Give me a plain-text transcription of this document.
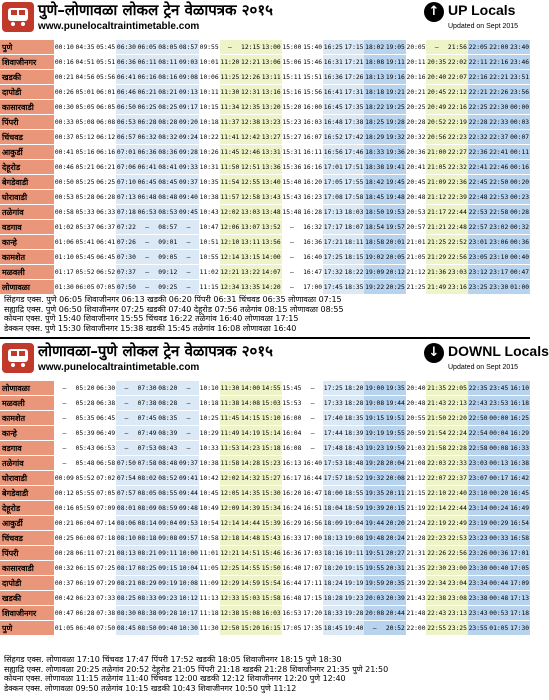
पुणे–लोणावळा लोकल ट्रेन वेळापत्रक २०१५
www.punelocaltraintimetable.com
↑ UP Locals
Updated on Sept 2015
पुणे	00:10	04:35	05:45	06:30	06:05	08:05	08:57	09:55	—	12:15	13:00	15:00	15:40	16:25	17:15	18:02	19:05	20:05	—	21:56	22:05	22:00	23:40
शिवाजीनगर	00:16	04:51	05:51	06:36	06:11	08:11	09:03	10:01	11:20	12:21	13:06	15:06	15:46	16:31	17:21	18:08	19:11	20:11	20:35	22:02	22:11	22:16	23:46
खडकी	00:21	04:56	05:56	06:41	06:16	08:16	09:08	10:06	11:25	12:26	13:11	15:11	15:51	16:36	17:26	18:13	19:16	20:16	20:40	22:07	22:16	22:21	23:51
दापोडी	00:26	05:01	06:01	06:46	06:21	08:21	09:13	10:11	11:30	12:31	13:16	15:16	15:56	16:41	17:31	18:18	19:21	20:21	20:45	22:12	22:21	22:26	23:56
कासारवाडी	00:30	05:05	06:05	06:50	06:25	08:25	09:17	10:15	11:34	12:35	13:20	15:20	16:00	16:45	17:35	18:22	19:25	20:25	20:49	22:16	22:25	22:30	00:00
पिंपरी	00:33	05:08	06:08	06:53	06:28	08:28	09:20	10:18	11:37	12:38	13:23	15:23	16:03	16:48	17:38	18:25	19:28	20:28	20:52	22:19	22:28	22:33	00:03
चिंचवड	00:37	05:12	06:12	06:57	06:32	08:32	09:24	10:22	11:41	12:42	13:27	15:27	16:07	16:52	17:42	18:29	19:32	20:32	20:56	22:23	22:32	22:37	00:07
आकुर्डी	00:41	05:16	06:16	07:01	06:36	08:36	09:28	10:26	11:45	12:46	13:31	15:31	16:11	16:56	17:46	18:33	19:36	20:36	21:00	22:27	22:36	22:41	00:11
देहूरोड	00:46	05:21	06:21	07:06	06:41	08:41	09:33	10:31	11:50	12:51	13:36	15:36	16:16	17:01	17:51	18:38	19:41	20:41	21:05	22:32	22:41	22:46	00:16
बेगडेवाडी	00:50	05:25	06:25	07:10	06:45	08:45	09:37	10:35	11:54	12:55	13:40	15:40	16:20	17:05	17:55	18:42	19:45	20:45	21:09	22:36	22:45	22:50	00:20
घोरावाडी	00:53	05:28	06:28	07:13	06:48	08:48	09:40	10:38	11:57	12:58	13:43	15:43	16:23	17:08	17:58	18:45	19:48	20:48	21:12	22:39	22:48	22:53	00:23
तळेगांव	00:58	05:33	06:33	07:18	06:53	08:53	09:45	10:43	12:02	13:03	13:48	15:48	16:28	17:13	18:03	18:50	19:53	20:53	21:17	22:44	22:53	22:58	00:28
वडगाव	01:02	05:37	06:37	07:22	—	08:57	—	10:47	12:06	13:07	13:52	—	16:32	17:17	18:07	18:54	19:57	20:57	21:21	22:48	22:57	23:02	00:32
कान्हे	01:06	05:41	06:41	07:26	—	09:01	—	10:51	12:10	13:11	13:56	—	16:36	17:21	18:11	18:58	20:01	21:01	21:25	22:52	23:01	23:06	00:36
कामशेत	01:10	05:45	06:45	07:30	—	09:05	—	10:55	12:14	13:15	14:00	—	16:40	17:25	18:15	19:02	20:05	21:05	21:29	22:56	23:05	23:10	00:40
मळवली	01:17	05:52	06:52	07:37	—	09:12	—	11:02	12:21	13:22	14:07	—	16:47	17:32	18:22	19:09	20:12	21:12	21:36	23:03	23:12	23:17	00:47
लोणावळा	01:30	06:05	07:05	07:50	—	09:25	—	11:15	12:34	13:35	14:20	—	17:00	17:45	18:35	19:22	20:25	21:25	21:49	23:16	23:25	23:30	01:00
सिंहगड एक्स. पुणे 06:05 शिवाजीनगर 06:13 खडकी 06:20 पिंपरी 06:31 चिंचवड 06:35 लोणावळा 07:15
सह्याद्रि एक्स. पुणे 06:50 शिवाजीनगर 07:25 खडकी 07:40 देहूरोड 07:56 तळेगांव 08:15 लोणावळा 08:55
कोयना एक्स. पुणे 15:40 शिवाजीनगर 15:55 चिंचवड 16:22 तळेगांव 16:40 लोणावळा 17:15
डेक्कन एक्स. पुणे 15:30 शिवाजीनगर 15:38 खडकी 15:45 तळेगांव 16:08 लोणावळा 16:40
लोणावळा–पुणे लोकल ट्रेन वेळापत्रक २०१५
www.punelocaltraintimetable.com
↓ DOWNL Locals
Updated on Sept 2015
लोणावळा	—	05:20	06:30	—	07:30	08:20	—	10:10	11:30	14:00	14:55	15:45	—	17:25	18:20	19:00	19:35	20:40	21:35	22:05	22:35	23:45	16:10
मळवली	—	05:28	06:38	—	07:38	08:28	—	10:18	11:38	14:08	15:03	15:53	—	17:33	18:28	19:08	19:44	20:48	21:43	22:13	22:43	23:53	16:18
कामशेत	—	05:35	06:45	—	07:45	08:35	—	10:25	11:45	14:15	15:10	16:00	—	17:40	18:35	19:15	19:51	20:55	21:50	22:20	22:50	00:00	16:25
कान्हे	—	05:39	06:49	—	07:49	08:39	—	10:29	11:49	14:19	15:14	16:04	—	17:44	18:39	19:19	19:55	20:59	21:54	22:24	22:54	00:04	16:29
वडगाव	—	05:43	06:53	—	07:53	08:43	—	10:33	11:53	14:23	15:18	16:08	—	17:48	18:43	19:23	19:59	21:03	21:58	22:28	22:58	00:08	16:33
तळेगांव	—	05:48	06:58	07:50	07:58	08:48	09:37	10:38	11:58	14:28	15:23	16:13	16:40	17:53	18:48	19:28	20:04	21:08	22:03	22:33	23:03	00:13	16:38
घोरावाडी	00:09	05:52	07:02	07:54	08:02	08:52	09:41	10:42	12:02	14:32	15:27	16:17	16:44	17:57	18:52	19:32	20:08	21:12	22:07	22:37	23:07	00:17	16:42
बेगडेवाडी	00:12	05:55	07:05	07:57	08:05	08:55	09:44	10:45	12:05	14:35	15:30	16:20	16:47	18:00	18:55	19:35	20:11	21:15	22:10	22:40	23:10	00:20	16:45
देहूरोड	00:16	05:59	07:09	08:01	08:09	08:59	09:48	10:49	12:09	14:39	15:34	16:24	16:51	18:04	18:59	19:39	20:15	21:19	22:14	22:44	23:14	00:24	16:49
आकुर्डी	00:21	06:04	07:14	08:06	08:14	09:04	09:53	10:54	12:14	14:44	15:39	16:29	16:56	18:09	19:04	19:44	20:20	21:24	22:19	22:49	23:19	00:29	16:54
चिंचवड	00:25	06:08	07:18	08:10	08:18	09:08	09:57	10:58	12:18	14:48	15:43	16:33	17:00	18:13	19:08	19:48	20:24	21:28	22:23	22:53	23:23	00:33	16:58
पिंपरी	00:28	06:11	07:21	08:13	08:21	09:11	10:00	11:01	12:21	14:51	15:46	16:36	17:03	18:16	19:11	19:51	20:27	21:31	22:26	22:56	23:26	00:36	17:01
कासारवाडी	00:32	06:15	07:25	08:17	08:25	09:15	10:04	11:05	12:25	14:55	15:50	16:40	17:07	18:20	19:15	19:55	20:31	21:35	22:30	23:00	23:30	00:40	17:05
दापोडी	00:37	06:19	07:29	08:21	08:29	09:19	10:08	11:09	12:29	14:59	15:54	16:44	17:11	18:24	19:19	19:59	20:35	21:39	22:34	23:04	23:34	00:44	17:09
खडकी	00:42	06:23	07:33	08:25	08:33	09:23	10:12	11:13	12:33	15:03	15:58	16:48	17:15	18:28	19:23	20:03	20:39	21:43	22:38	23:08	23:38	00:48	17:13
शिवाजीनगर	00:47	06:28	07:38	08:30	08:38	09:28	10:17	11:18	12:38	15:08	16:03	16:53	17:20	18:33	19:28	20:08	20:44	21:48	22:43	23:13	23:43	00:53	17:18
पुणे	01:05	06:40	07:50	08:45	08:50	09:40	10:30	11:30	12:50	15:20	16:15	17:05	17:35	18:45	19:40	—	20:52	22:00	22:55	23:25	23:55	01:05	17:30
सिंहगड एक्स. लोणावळा 17:10 चिंचवड 17:47 पिंपरी 17:52 खडकी 18:05 शिवाजीनगर 18:15 पुणे 18:30
सह्याद्रि एक्स. लोणावळा 20:25 तळेगांव 20:52 देहूरोड 21:05 पिंपरी 21:18 खडकी 21:28 शिवाजीनगर 21:35 पुणे 21:50
कोयना एक्स. लोणावळा 11:15 तळेगांव 11:40 चिंचवड 12:00 खडकी 12:12 शिवाजीनगर 12:20 पुणे 12:40
डेक्कन एक्स. लोणावळा 09:50 तळेगांव 10:15 खडकी 10:43 शिवाजीनगर 10:50 पुणे 11:12
